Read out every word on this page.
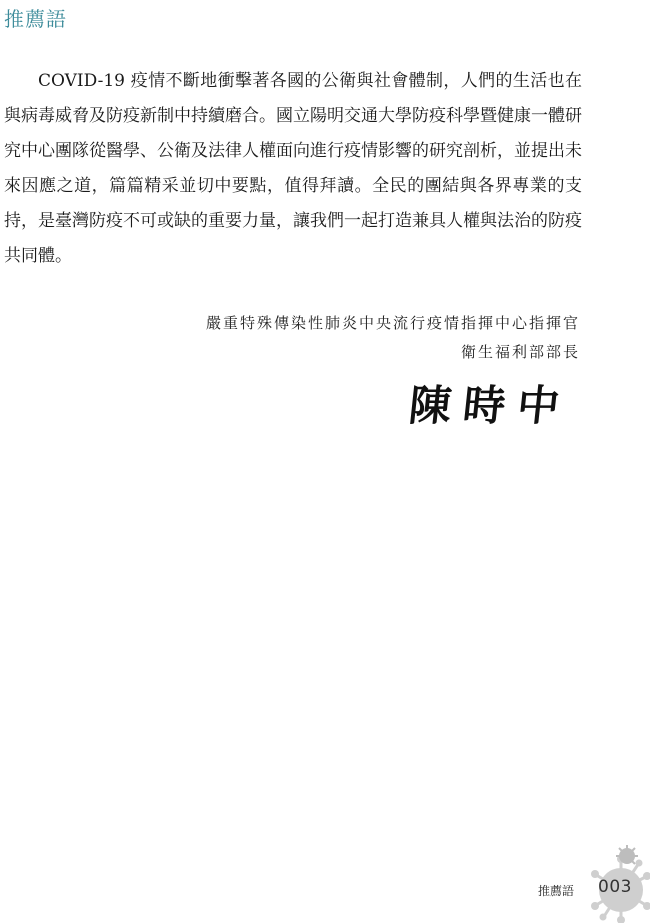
推薦語

COVID-19 疫情不斷地衝擊著各國的公衛與社會體制，人們的生活也在與病毒威脅及防疫新制中持續磨合。國立陽明交通大學防疫科學暨健康一體研究中心團隊從醫學、公衛及法律人權面向進行疫情影響的研究剖析，並提出未來因應之道，篇篇精采並切中要點，值得拜讀。全民的團結與各界專業的支持，是臺灣防疫不可或缺的重要力量，讓我們一起打造兼具人權與法治的防疫共同體。

嚴重特殊傳染性肺炎中央流行疫情指揮中心指揮官

衛生福利部部長

陳時中

推薦語 003
